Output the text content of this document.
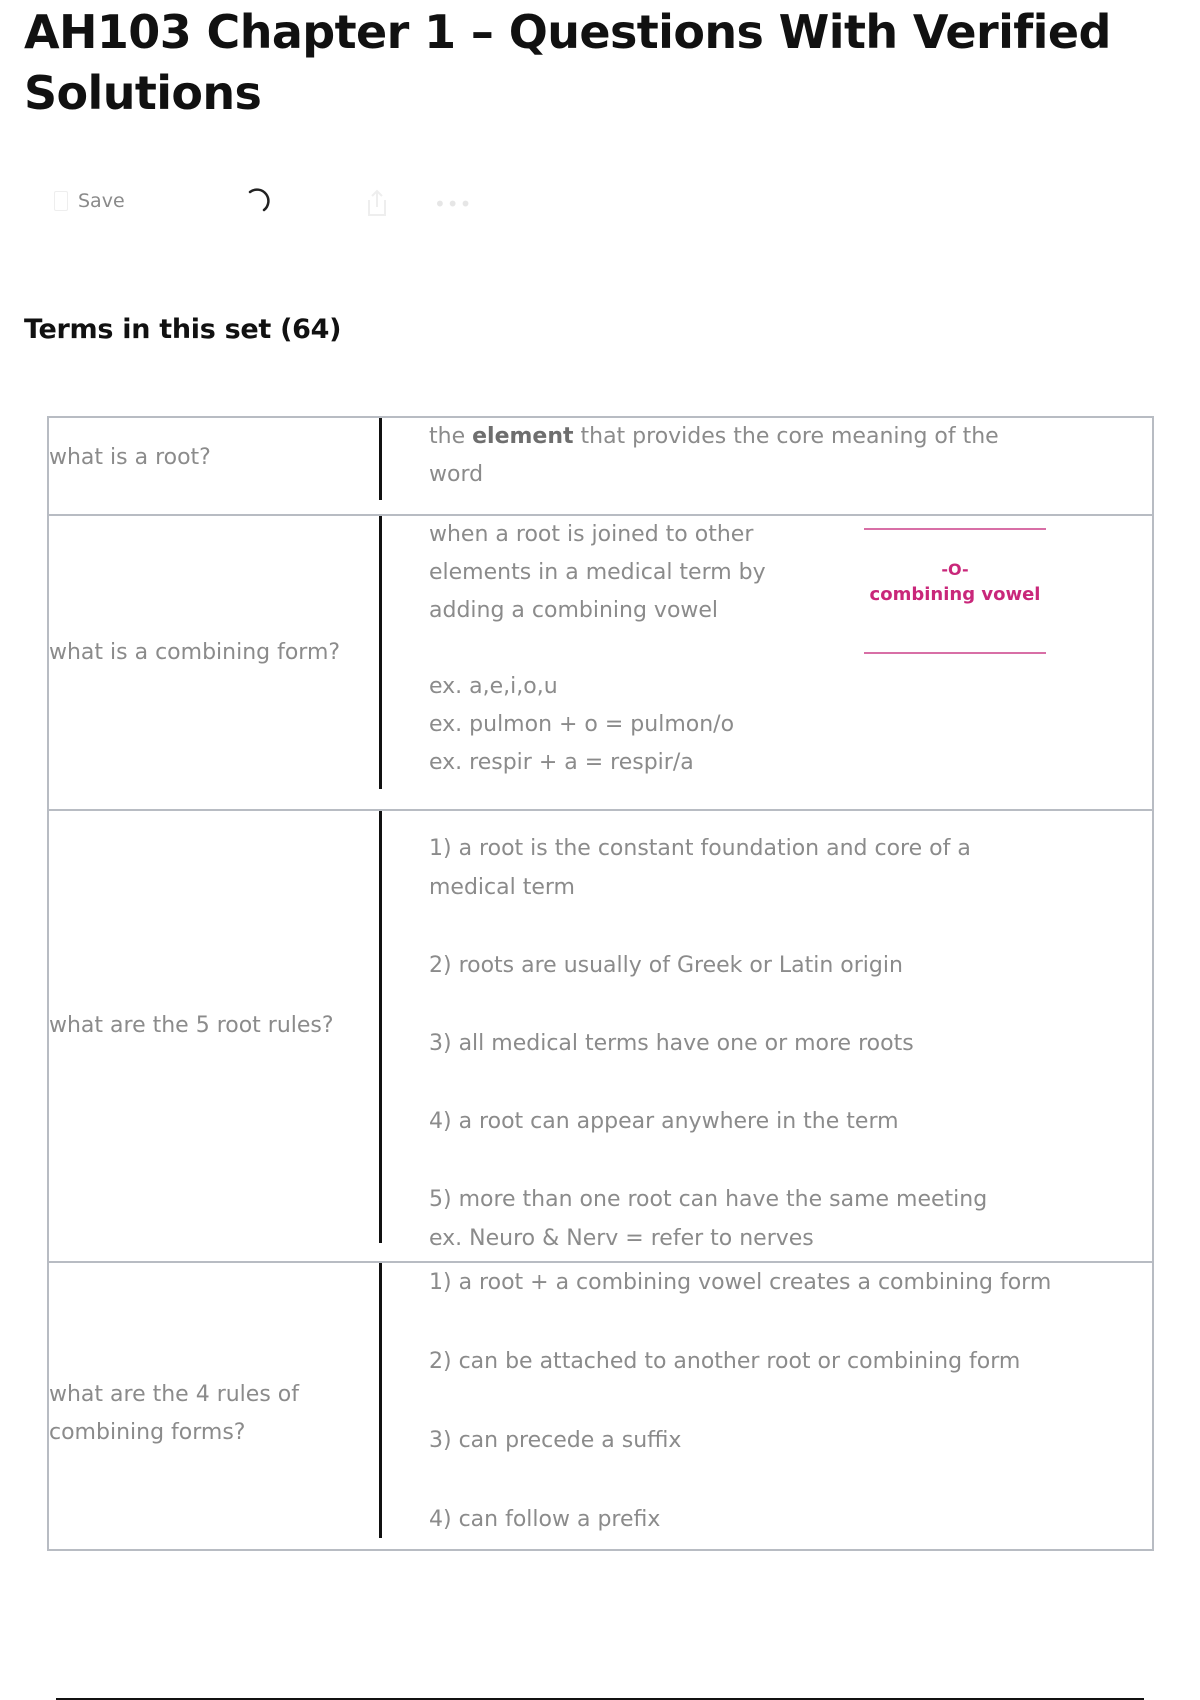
AH103 Chapter 1 – Questions With Verified Solutions
Save	•••
Terms in this set (64)
what is a root?
the element that provides the core meaning of the
word
what is a combining form?
when a root is joined to other
elements in a medical term by
adding a combining vowel

ex. a,e,i,o,u
ex. pulmon + o = pulmon/o
ex. respir + a = respir/a
-O-
combining vowel
what are the 5 root rules?
1) a root is the constant foundation and core of a
medical term

2) roots are usually of Greek or Latin origin

3) all medical terms have one or more roots

4) a root can appear anywhere in the term

5) more than one root can have the same meeting
ex. Neuro & Nerv = refer to nerves
what are the 4 rules of
combining forms?
1) a root + a combining vowel creates a combining form

2) can be attached to another root or combining form

3) can precede a suffix

4) can follow a prefix
